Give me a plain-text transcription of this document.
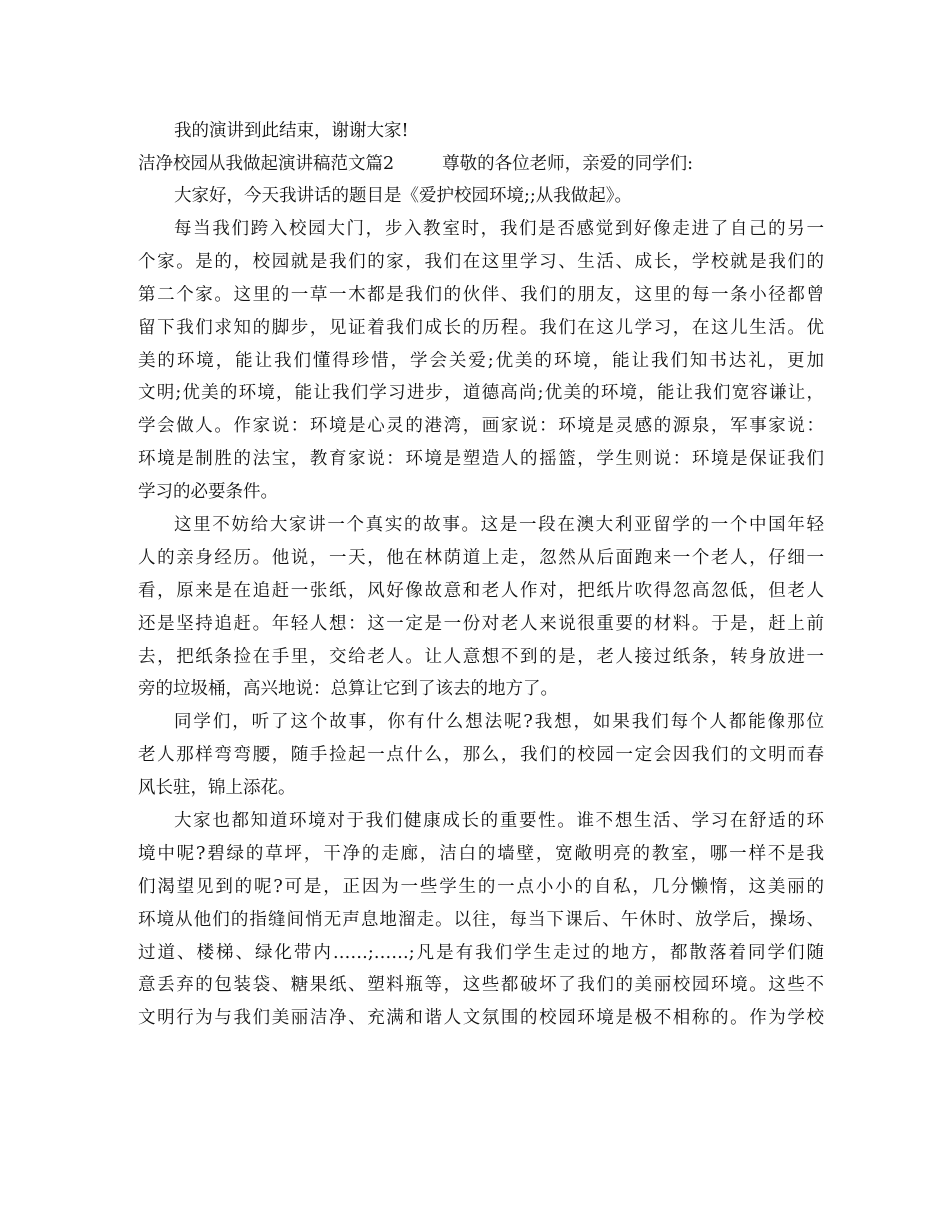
我的演讲到此结束，谢谢大家!

洁净校园从我做起演讲稿范文篇2	尊敬的各位老师，亲爱的同学们:

大家好，今天我讲话的题目是《爱护校园环境;;从我做起》。

每当我们跨入校园大门，步入教室时，我们是否感觉到好像走进了自己的另一
个家。是的，校园就是我们的家，我们在这里学习、生活、成长，学校就是我们的
第二个家。这里的一草一木都是我们的伙伴、我们的朋友，这里的每一条小径都曾
留下我们求知的脚步，见证着我们成长的历程。我们在这儿学习，在这儿生活。优
美的环境，能让我们懂得珍惜，学会关爱;优美的环境，能让我们知书达礼，更加
文明;优美的环境，能让我们学习进步，道德高尚;优美的环境，能让我们宽容谦让，
学会做人。作家说：环境是心灵的港湾，画家说：环境是灵感的源泉，军事家说：
环境是制胜的法宝，教育家说：环境是塑造人的摇篮，学生则说：环境是保证我们
学习的必要条件。

这里不妨给大家讲一个真实的故事。这是一段在澳大利亚留学的一个中国年轻
人的亲身经历。他说，一天，他在林荫道上走，忽然从后面跑来一个老人，仔细一
看，原来是在追赶一张纸，风好像故意和老人作对，把纸片吹得忽高忽低，但老人
还是坚持追赶。年轻人想：这一定是一份对老人来说很重要的材料。于是，赶上前
去，把纸条捡在手里，交给老人。让人意想不到的是，老人接过纸条，转身放进一
旁的垃圾桶，高兴地说：总算让它到了该去的地方了。

同学们，听了这个故事，你有什么想法呢?我想，如果我们每个人都能像那位
老人那样弯弯腰，随手捡起一点什么，那么，我们的校园一定会因我们的文明而春
风长驻，锦上添花。

大家也都知道环境对于我们健康成长的重要性。谁不想生活、学习在舒适的环
境中呢?碧绿的草坪，干净的走廊，洁白的墙壁，宽敞明亮的教室，哪一样不是我
们渴望见到的呢?可是，正因为一些学生的一点小小的自私，几分懒惰，这美丽的
环境从他们的指缝间悄无声息地溜走。以往，每当下课后、午休时、放学后，操场、
过道、楼梯、绿化带内……;……;凡是有我们学生走过的地方，都散落着同学们随
意丢弃的包装袋、糖果纸、塑料瓶等，这些都破坏了我们的美丽校园环境。这些不
文明行为与我们美丽洁净、充满和谐人文氛围的校园环境是极不相称的。作为学校
